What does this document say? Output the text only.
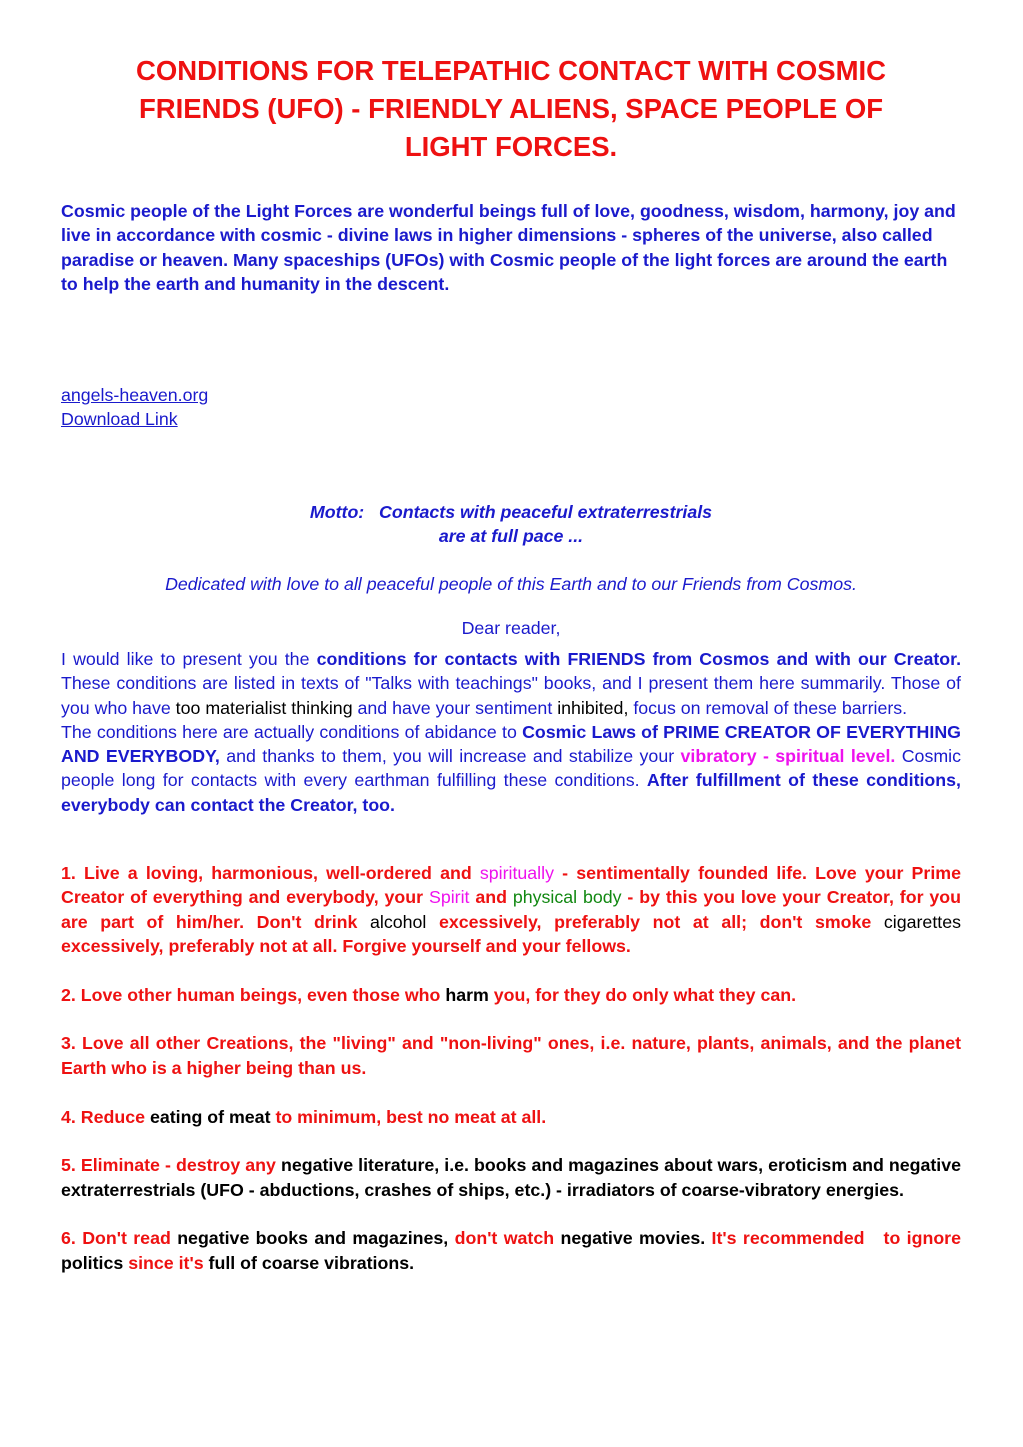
CONDITIONS FOR TELEPATHIC CONTACT WITH COSMIC
FRIENDS (UFO) - FRIENDLY ALIENS, SPACE PEOPLE OF
LIGHT FORCES.

Cosmic people of the Light Forces are wonderful beings full of love, goodness, wisdom, harmony, joy and live in accordance with cosmic - divine laws in higher dimensions - spheres of the universe, also called paradise or heaven. Many spaceships (UFOs) with Cosmic people of the light forces are around the earth to help the earth and humanity in the descent.

angels-heaven.org
Download Link
Motto:   Contacts with peaceful extraterrestrials
are at full pace ...
Dedicated with love to all peaceful people of this Earth and to our Friends from Cosmos.
Dear reader,
I would like to present you the conditions for contacts with FRIENDS from Cosmos and with our Creator. These conditions are listed in texts of "Talks with teachings" books, and I present them here summarily. Those of you who have too materialist thinking and have your sentiment inhibited, focus on removal of these barriers.
The conditions here are actually conditions of abidance to Cosmic Laws of PRIME CREATOR OF EVERYTHING AND EVERYBODY, and thanks to them, you will increase and stabilize your vibratory - spiritual level. Cosmic people long for contacts with every earthman fulfilling these conditions. After fulfillment of these conditions, everybody can contact the Creator, too.

1. Live a loving, harmonious, well-ordered and spiritually - sentimentally founded life. Love your Prime Creator of everything and everybody, your Spirit and physical body - by this you love your Creator, for you are part of him/her. Don't drink alcohol excessively, preferably not at all; don't smoke cigarettes excessively, preferably not at all. Forgive yourself and your fellows.

2. Love other human beings, even those who harm you, for they do only what they can.

3. Love all other Creations, the "living" and "non-living" ones, i.e. nature, plants, animals, and the planet Earth who is a higher being than us.

4. Reduce eating of meat to minimum, best no meat at all.

5. Eliminate - destroy any negative literature, i.e. books and magazines about wars, eroticism and negative extraterrestrials (UFO - abductions, crashes of ships, etc.) - irradiators of coarse-vibratory energies.

6. Don't read negative books and magazines, don't watch negative movies. It's recommended   to ignore politics since it's full of coarse vibrations.
